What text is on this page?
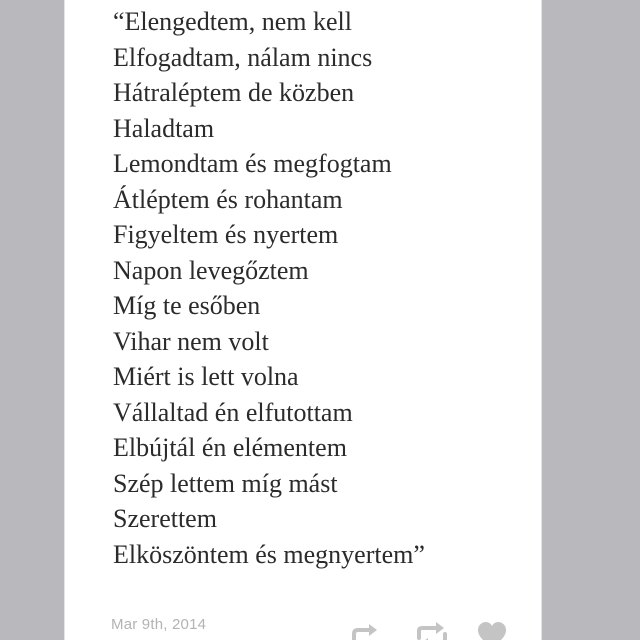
“Elengedtem, nem kell
Elfogadtam, nálam nincs
Hátraléptem de közben
Haladtam
Lemondtam és megfogtam
Átléptem és rohantam
Figyeltem és nyertem
Napon levegőztem
Míg te esőben
Vihar nem volt
Miért is lett volna
Vállaltad én elfutottam
Elbújtál én elémentem
Szép lettem míg mást
Szerettem
Elköszöntem és megnyertem”
Mar 9th, 2014
